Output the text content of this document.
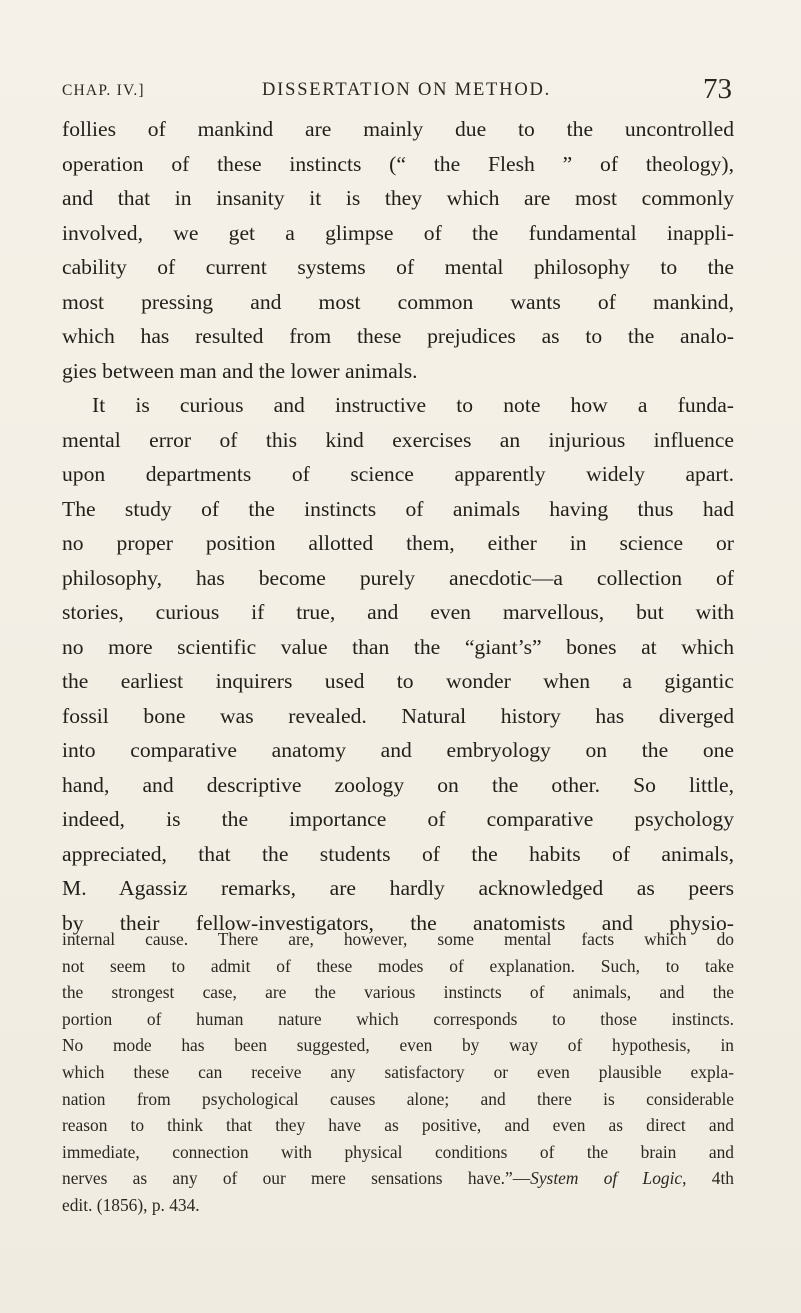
CHAP. IV.]	DISSERTATION ON METHOD.	73
follies of mankind are mainly due to the uncontrolled
operation of these instincts (“ the Flesh ” of theology),
and that in insanity it is they which are most commonly
involved, we get a glimpse of the fundamental inappli-
cability of current systems of mental philosophy to the
most pressing and most common wants of mankind,
which has resulted from these prejudices as to the analo-
gies between man and the lower animals.
It is curious and instructive to note how a funda-
mental error of this kind exercises an injurious influence
upon departments of science apparently widely apart.
The study of the instincts of animals having thus had
no proper position allotted them, either in science or
philosophy, has become purely anecdotic—a collection of
stories, curious if true, and even marvellous, but with
no more scientific value than the “giant’s” bones at which
the earliest inquirers used to wonder when a gigantic
fossil bone was revealed. Natural history has diverged
into comparative anatomy and embryology on the one
hand, and descriptive zoology on the other. So little,
indeed, is the importance of comparative psychology
appreciated, that the students of the habits of animals,
M. Agassiz remarks, are hardly acknowledged as peers
by their fellow-investigators, the anatomists and physio-
internal cause. There are, however, some mental facts which do
not seem to admit of these modes of explanation. Such, to take
the strongest case, are the various instincts of animals, and the
portion of human nature which corresponds to those instincts.
No mode has been suggested, even by way of hypothesis, in
which these can receive any satisfactory or even plausible expla-
nation from psychological causes alone; and there is considerable
reason to think that they have as positive, and even as direct and
immediate, connection with physical conditions of the brain and
nerves as any of our mere sensations have.”—System of Logic, 4th
edit. (1856), p. 434.
